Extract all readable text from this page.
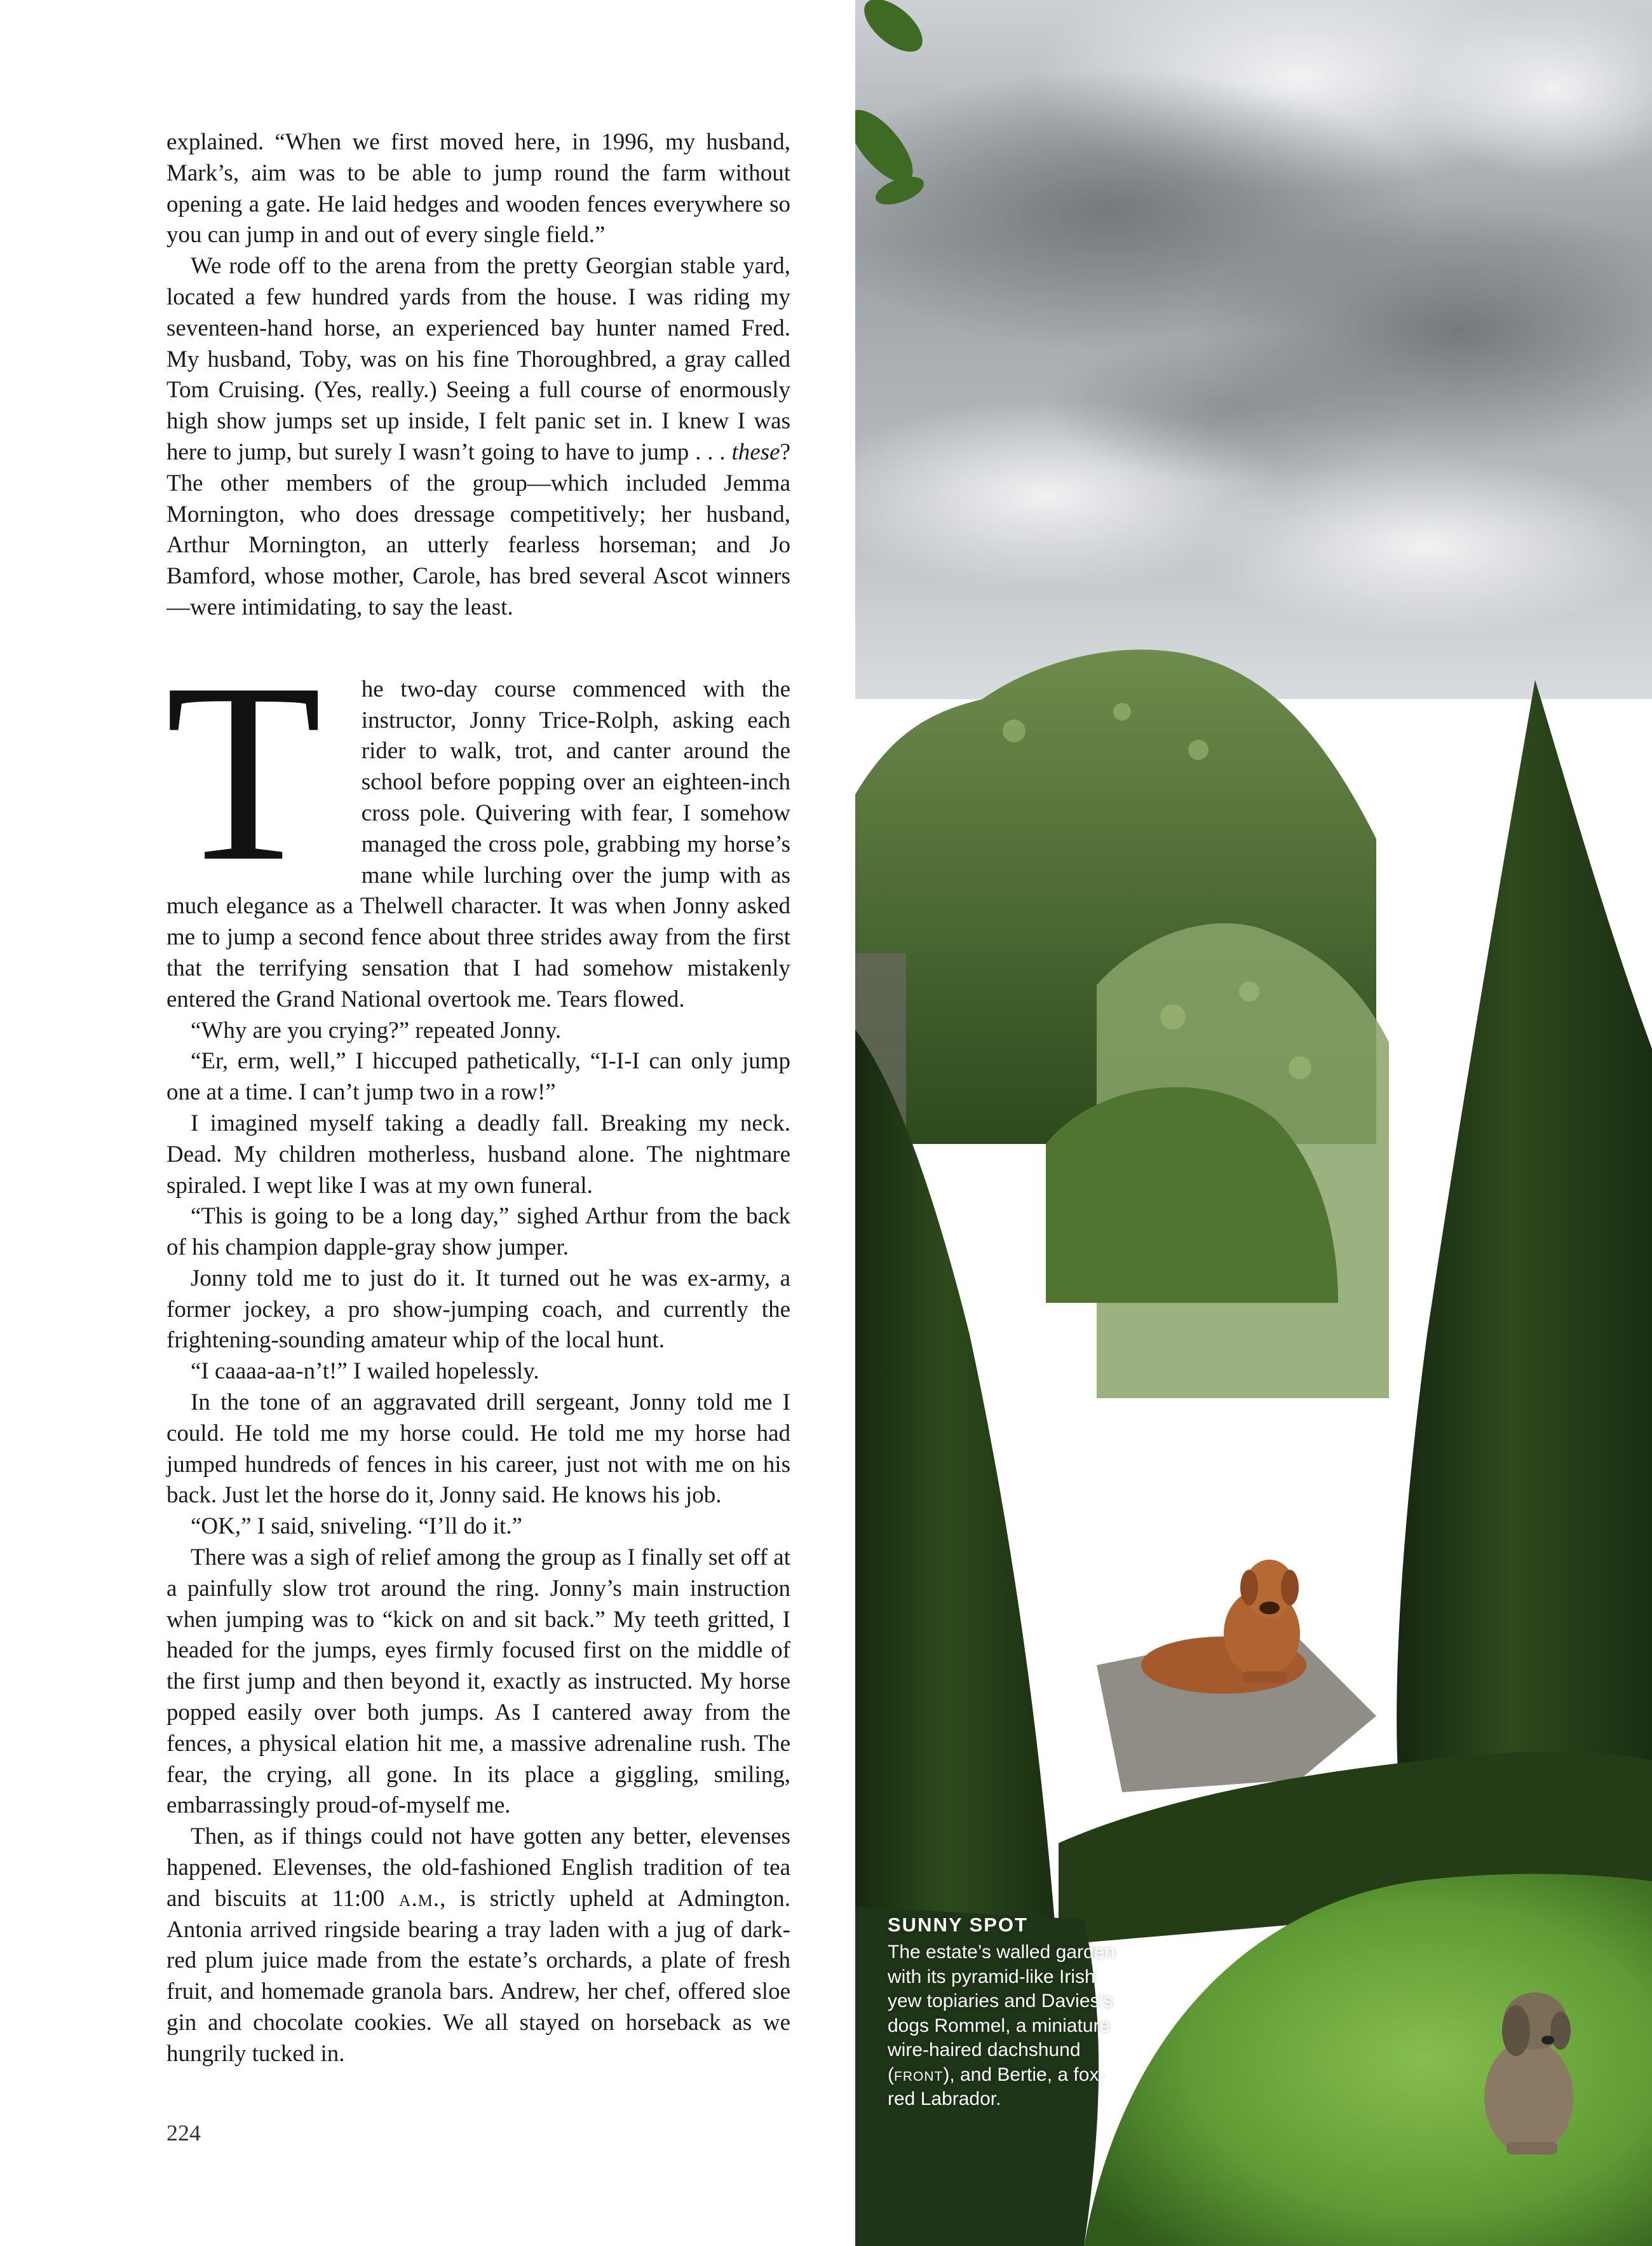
explained. “When we first moved here, in 1996, my husband, Mark’s, aim was to be able to jump round the farm without opening a gate. He laid hedges and wooden fences everywhere so you can jump in and out of every single field.”

We rode off to the arena from the pretty Georgian stable yard, located a few hundred yards from the house. I was riding my seventeen-hand horse, an experienced bay hunter named Fred. My husband, Toby, was on his fine Thoroughbred, a gray called Tom Cruising. (Yes, really.) Seeing a full course of enormously high show jumps set up inside, I felt panic set in. I knew I was here to jump, but surely I wasn’t going to have to jump . . . these? The other members of the group—which included Jemma Mornington, who does dressage competitively; her husband, Arthur Mornington, an utterly fearless horseman; and Jo Bamford, whose mother, Carole, has bred several Ascot winners—were intimidating, to say the least.

T he two-day course commenced with the instructor, Jonny Trice-Rolph, asking each rider to walk, trot, and canter around the school before popping over an eighteen-inch cross pole. Quivering with fear, I somehow managed the cross pole, grabbing my horse’s mane while lurching over the jump with as much elegance as a Thelwell character. It was when Jonny asked me to jump a second fence about three strides away from the first that the terrifying sensation that I had somehow mistakenly entered the Grand National overtook me. Tears flowed.

“Why are you crying?” repeated Jonny.

“Er, erm, well,” I hiccuped pathetically, “I-I-I can only jump one at a time. I can’t jump two in a row!”

I imagined myself taking a deadly fall. Breaking my neck. Dead. My children motherless, husband alone. The nightmare spiraled. I wept like I was at my own funeral.

“This is going to be a long day,” sighed Arthur from the back of his champion dapple-gray show jumper.

Jonny told me to just do it. It turned out he was ex-army, a former jockey, a pro show-jumping coach, and currently the frightening-sounding amateur whip of the local hunt.

“I caaaa-aa-n’t!” I wailed hopelessly.

In the tone of an aggravated drill sergeant, Jonny told me I could. He told me my horse could. He told me my horse had jumped hundreds of fences in his career, just not with me on his back. Just let the horse do it, Jonny said. He knows his job.

“OK,” I said, sniveling. “I’ll do it.”

There was a sigh of relief among the group as I finally set off at a painfully slow trot around the ring. Jonny’s main instruction when jumping was to “kick on and sit back.” My teeth gritted, I headed for the jumps, eyes firmly focused first on the middle of the first jump and then beyond it, exactly as instructed. My horse popped easily over both jumps. As I cantered away from the fences, a physical elation hit me, a massive adrenaline rush. The fear, the crying, all gone. In its place a giggling, smiling, embarrassingly proud-of-myself me.

Then, as if things could not have gotten any better, elevenses happened. Elevenses, the old-fashioned English tradition of tea and biscuits at 11:00 a.m., is strictly upheld at Admington. Antonia arrived ringside bearing a tray laden with a jug of dark-red plum juice made from the estate’s orchards, a plate of fresh fruit, and homemade granola bars. Andrew, her chef, offered sloe gin and chocolate cookies. We all stayed on horseback as we hungrily tucked in.

224
SUNNY SPOT
The estate’s walled garden with its pyramid-like Irish yew topiaries and Davies’s dogs Rommel, a miniature wire-haired dachshund (front), and Bertie, a fox-red Labrador.
